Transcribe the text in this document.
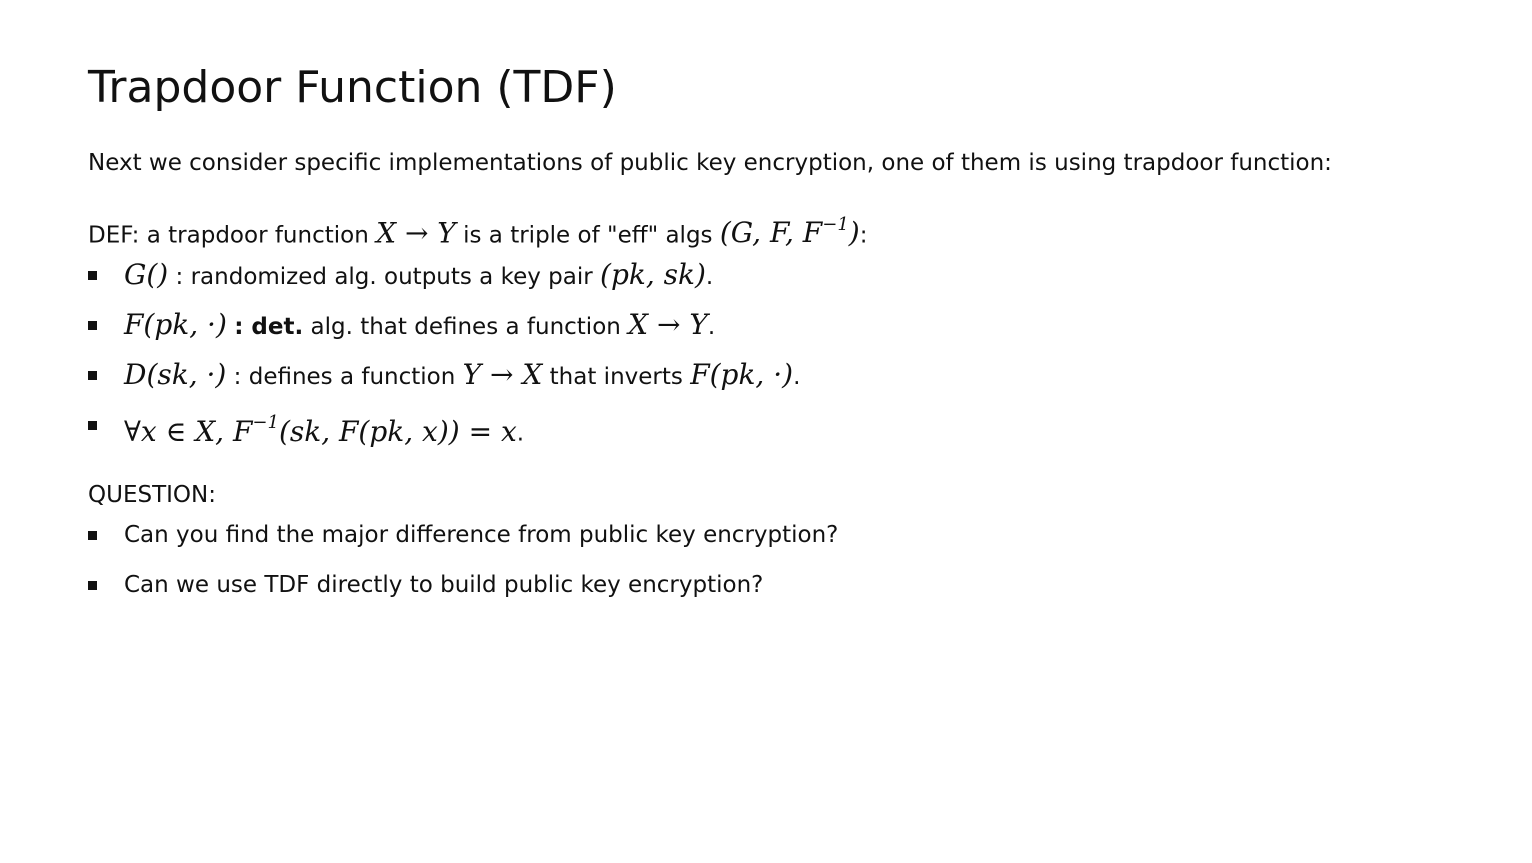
Trapdoor Function (TDF)
Next we consider specific implementations of public key encryption, one of them is using trapdoor function:
DEF: a trapdoor function X → Y is a triple of "eff" algs (G, F, $F^{-1}$):
G() : randomized alg. outputs a key pair (pk, sk).
F(pk, ·) : det. alg. that defines a function X → Y.
D(sk, ·) : defines a function Y → X that inverts F(pk, ·).
∀x ∈ X, $F^{-1}(sk$, F(pk, x)) = x.
QUESTION:
Can you find the major difference from public key encryption?
Can we use TDF directly to build public key encryption?
